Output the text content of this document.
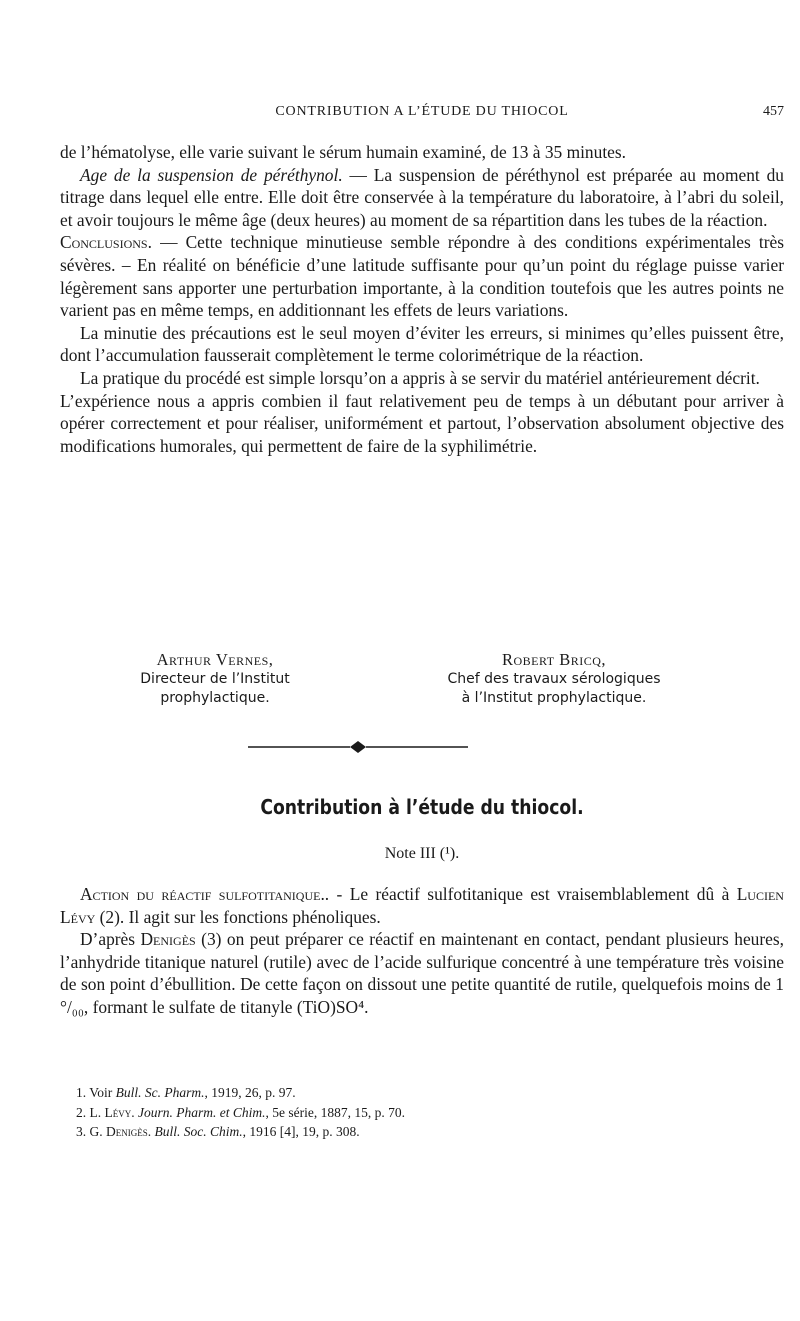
CONTRIBUTION A L’ÉTUDE DU THIOCOL	457

de l’hématolyse, elle varie suivant le sérum humain examiné, de 13 à 35 minutes.

Age de la suspension de péréthynol. — La suspension de péréthynol est préparée au moment du titrage dans lequel elle entre. Elle doit être conservée à la température du laboratoire, à l’abri du soleil, et avoir toujours le même âge (deux heures) au moment de sa répartition dans les tubes de la réaction.

Conclusions. — Cette technique minutieuse semble répondre à des conditions expérimentales très sévères. – En réalité on bénéficie d’une latitude suffisante pour qu’un point du réglage puisse varier légèrement sans apporter une perturbation importante, à la condition toutefois que les autres points ne varient pas en même temps, en additionnant les effets de leurs variations.

La minutie des précautions est le seul moyen d’éviter les erreurs, si minimes qu’elles puissent être, dont l’accumulation fausserait complètement le terme colorimétrique de la réaction.

La pratique du procédé est simple lorsqu’on a appris à se servir du matériel antérieurement décrit.

L’expérience nous a appris combien il faut relativement peu de temps à un débutant pour arriver à opérer correctement et pour réaliser, uniformément et partout, l’observation absolument objective des modifications humorales, qui permettent de faire de la syphilimétrie.

Arthur Vernes,
Directeur de l’Institut
prophylactique.
Robert Bricq,
Chef des travaux sérologiques
à l’Institut prophylactique.
Contribution à l’étude du thiocol.
Note III (¹).

Action du réactif sulfotitanique.. - Le réactif sulfotitanique est vraisemblablement dû à Lucien Lévy (2). Il agit sur les fonctions phénoliques.

D’après Denigès (3) on peut préparer ce réactif en maintenant en contact, pendant plusieurs heures, l’anhydride titanique naturel (rutile) avec de l’acide sulfurique concentré à une température très voisine de son point d’ébullition. De cette façon on dissout une petite quantité de rutile, quelquefois moins de 1 °/₀₀, formant le sulfate de titanyle (TiO)SO⁴.

1. Voir Bull. Sc. Pharm., 1919, 26, p. 97.
2. L. Lévy. Journ. Pharm. et Chim., 5e série, 1887, 15, p. 70.
3. G. Denigès. Bull. Soc. Chim., 1916 [4], 19, p. 308.
